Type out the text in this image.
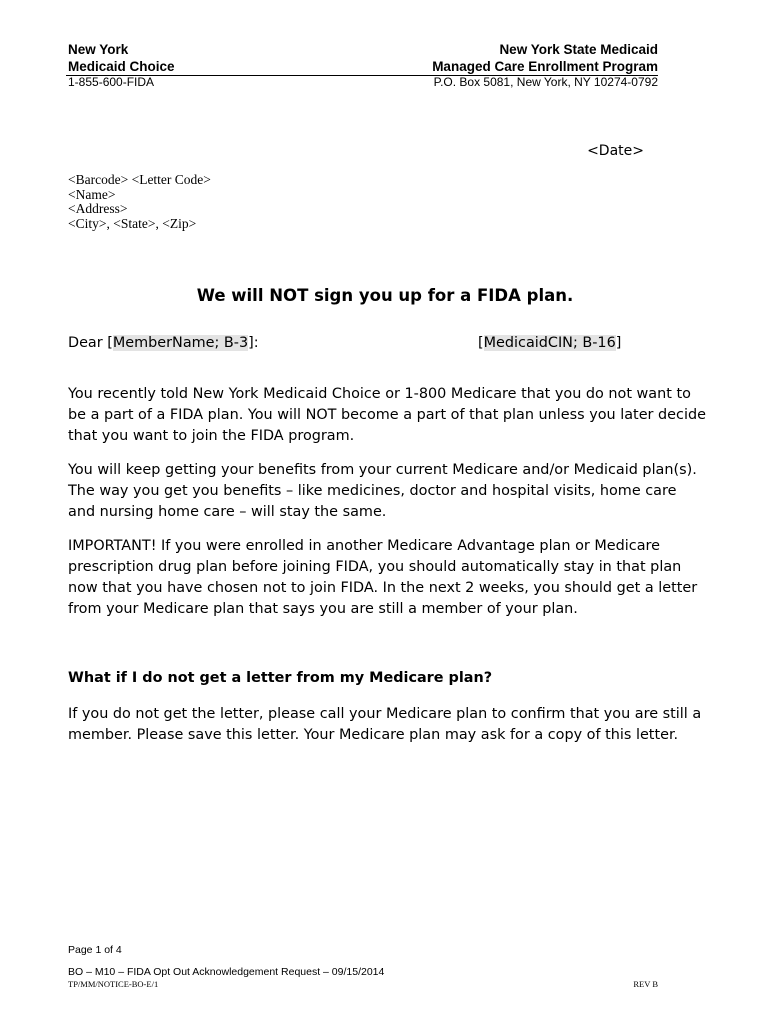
New York
Medicaid Choice
1-855-600-FIDA
New York State Medicaid
Managed Care Enrollment Program
P.O. Box 5081, New York, NY 10274-0792
<Date>
<Barcode> <Letter Code>
<Name>
<Address>
<City>, <State>, <Zip>
We will NOT sign you up for a FIDA plan.
Dear [MemberName; B-3]:	[MedicaidCIN; B-16]

You recently told New York Medicaid Choice or 1-800 Medicare that you do not want to be a part of a FIDA plan. You will NOT become a part of that plan unless you later decide that you want to join the FIDA program.

You will keep getting your benefits from your current Medicare and/or Medicaid plan(s). The way you get you benefits – like medicines, doctor and hospital visits, home care and nursing home care – will stay the same.

IMPORTANT! If you were enrolled in another Medicare Advantage plan or Medicare prescription drug plan before joining FIDA, you should automatically stay in that plan now that you have chosen not to join FIDA. In the next 2 weeks, you should get a letter from your Medicare plan that says you are still a member of your plan.

What if I do not get a letter from my Medicare plan?

If you do not get the letter, please call your Medicare plan to confirm that you are still a member. Please save this letter. Your Medicare plan may ask for a copy of this letter.

Page 1 of 4
BO – M10 – FIDA Opt Out Acknowledgement Request – 09/15/2014
TP/MM/NOTICE-BO-E/1	REV B
